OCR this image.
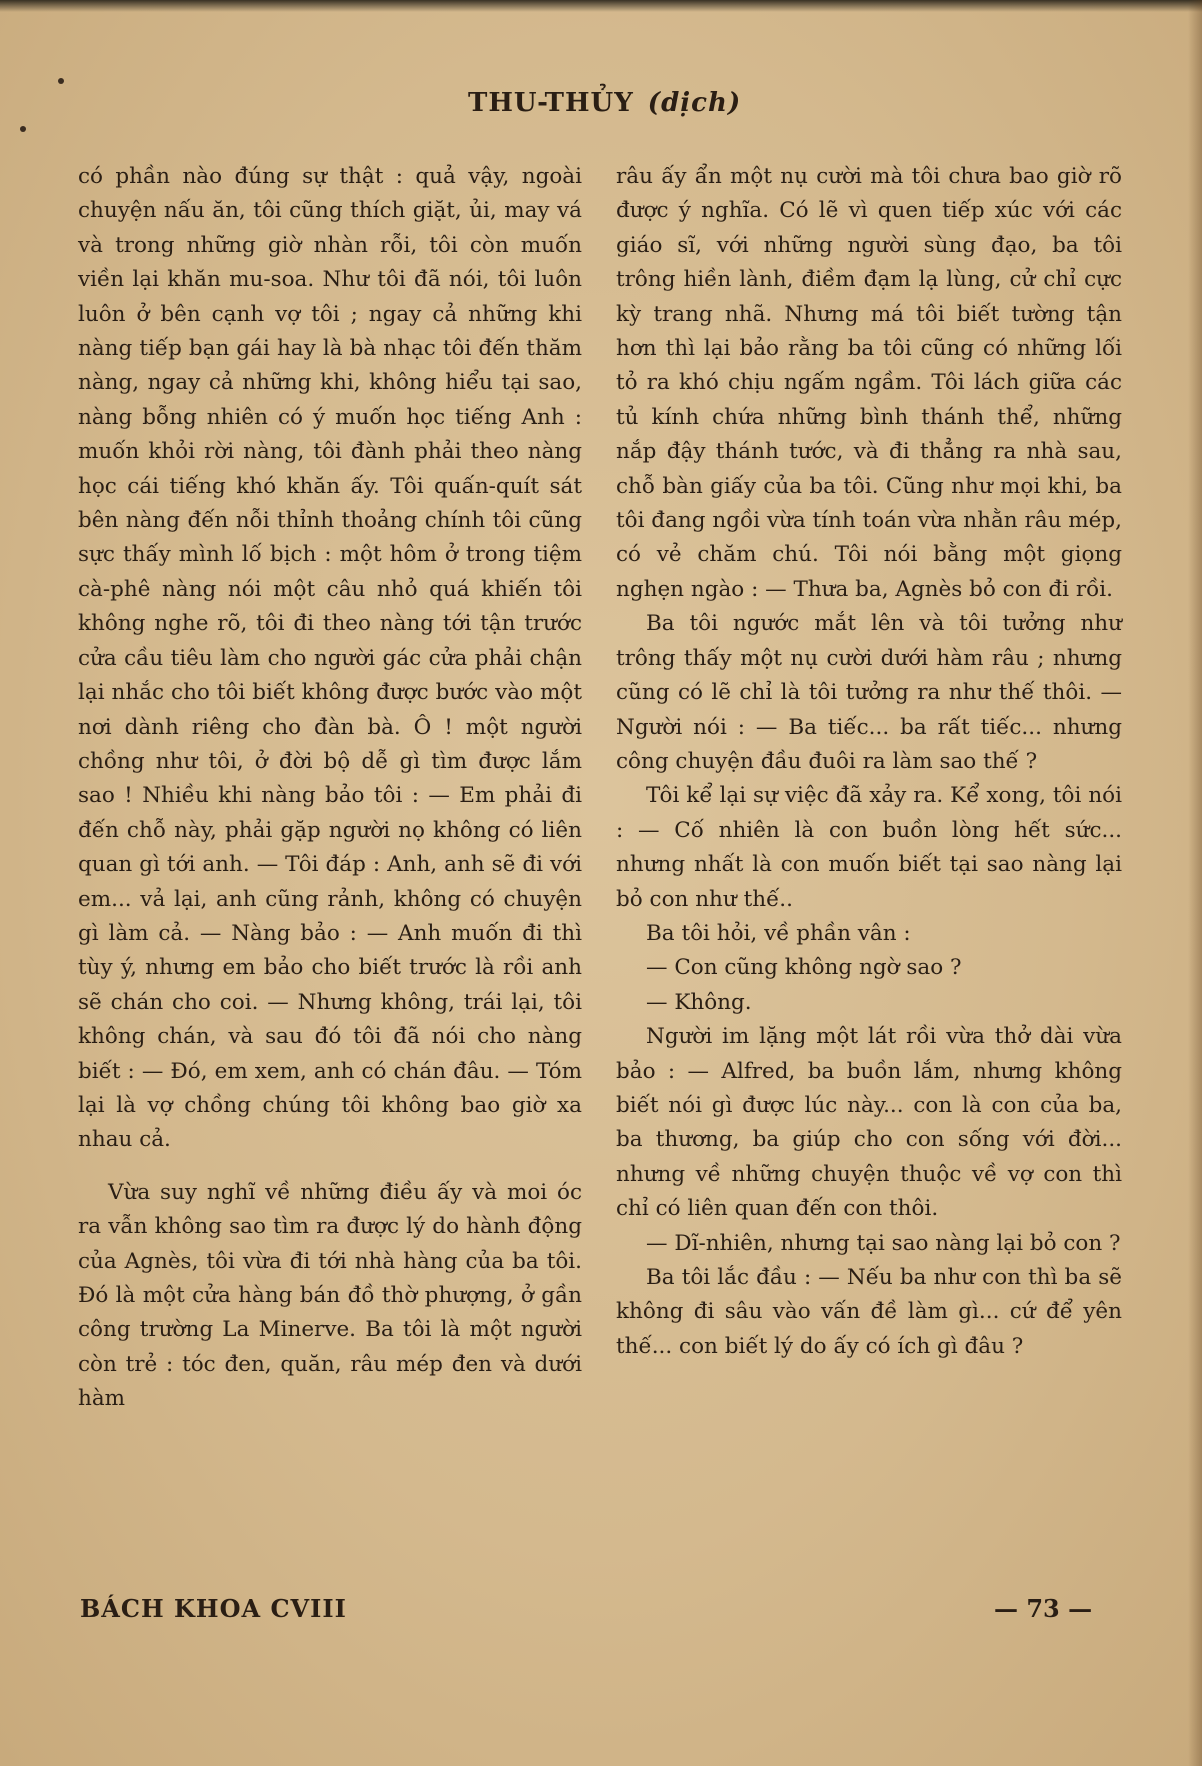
THU-THỦY (dịch)

có phần nào đúng sự thật : quả vậy, ngoài chuyện nấu ăn, tôi cũng thích giặt, ủi, may vá và trong những giờ nhàn rỗi, tôi còn muốn viền lại khăn mu-soa. Như tôi đã nói, tôi luôn luôn ở bên cạnh vợ tôi ; ngay cả những khi nàng tiếp bạn gái hay là bà nhạc tôi đến thăm nàng, ngay cả những khi, không hiểu tại sao, nàng bỗng nhiên có ý muốn học tiếng Anh : muốn khỏi rời nàng, tôi đành phải theo nàng học cái tiếng khó khăn ấy. Tôi quấn-quít sát bên nàng đến nỗi thỉnh thoảng chính tôi cũng sực thấy mình lố bịch : một hôm ở trong tiệm cà-phê nàng nói một câu nhỏ quá khiến tôi không nghe rõ, tôi đi theo nàng tới tận trước cửa cầu tiêu làm cho người gác cửa phải chận lại nhắc cho tôi biết không được bước vào một nơi dành riêng cho đàn bà. Ô ! một người chồng như tôi, ở đời bộ dễ gì tìm được lắm sao ! Nhiều khi nàng bảo tôi : — Em phải đi đến chỗ này, phải gặp người nọ không có liên quan gì tới anh. — Tôi đáp : Anh, anh sẽ đi với em... vả lại, anh cũng rảnh, không có chuyện gì làm cả. — Nàng bảo : — Anh muốn đi thì tùy ý, nhưng em bảo cho biết trước là rồi anh sẽ chán cho coi. — Nhưng không, trái lại, tôi không chán, và sau đó tôi đã nói cho nàng biết : — Đó, em xem, anh có chán đâu. — Tóm lại là vợ chồng chúng tôi không bao giờ xa nhau cả.

Vừa suy nghĩ về những điều ấy và moi óc ra vẫn không sao tìm ra được lý do hành động của Agnès, tôi vừa đi tới nhà hàng của ba tôi. Đó là một cửa hàng bán đồ thờ phượng, ở gần công trường La Minerve. Ba tôi là một người còn trẻ : tóc đen, quăn, râu mép đen và dưới hàm

râu ấy ẩn một nụ cười mà tôi chưa bao giờ rõ được ý nghĩa. Có lẽ vì quen tiếp xúc với các giáo sĩ, với những người sùng đạo, ba tôi trông hiền lành, điềm đạm lạ lùng, cử chỉ cực kỳ trang nhã. Nhưng má tôi biết tường tận hơn thì lại bảo rằng ba tôi cũng có những lối tỏ ra khó chịu ngấm ngầm. Tôi lách giữa các tủ kính chứa những bình thánh thể, những nắp đậy thánh tước, và đi thẳng ra nhà sau, chỗ bàn giấy của ba tôi. Cũng như mọi khi, ba tôi đang ngồi vừa tính toán vừa nhằn râu mép, có vẻ chăm chú. Tôi nói bằng một giọng nghẹn ngào : — Thưa ba, Agnès bỏ con đi rồi.

Ba tôi ngước mắt lên và tôi tưởng như trông thấy một nụ cười dưới hàm râu ; nhưng cũng có lẽ chỉ là tôi tưởng ra như thế thôi. — Người nói : — Ba tiếc... ba rất tiếc... nhưng công chuyện đầu đuôi ra làm sao thế ?

Tôi kể lại sự việc đã xảy ra. Kể xong, tôi nói : — Cố nhiên là con buồn lòng hết sức... nhưng nhất là con muốn biết tại sao nàng lại bỏ con như thế..

Ba tôi hỏi, về phần vân :

— Con cũng không ngờ sao ?

— Không.

Người im lặng một lát rồi vừa thở dài vừa bảo : — Alfred, ba buồn lắm, nhưng không biết nói gì được lúc này... con là con của ba, ba thương, ba giúp cho con sống với đời... nhưng về những chuyện thuộc về vợ con thì chỉ có liên quan đến con thôi.

— Dĩ-nhiên, nhưng tại sao nàng lại bỏ con ?

Ba tôi lắc đầu : — Nếu ba như con thì ba sẽ không đi sâu vào vấn đề làm gì... cứ để yên thế... con biết lý do ấy có ích gì đâu ?

BÁCH KHOA CVIII	— 73 —
